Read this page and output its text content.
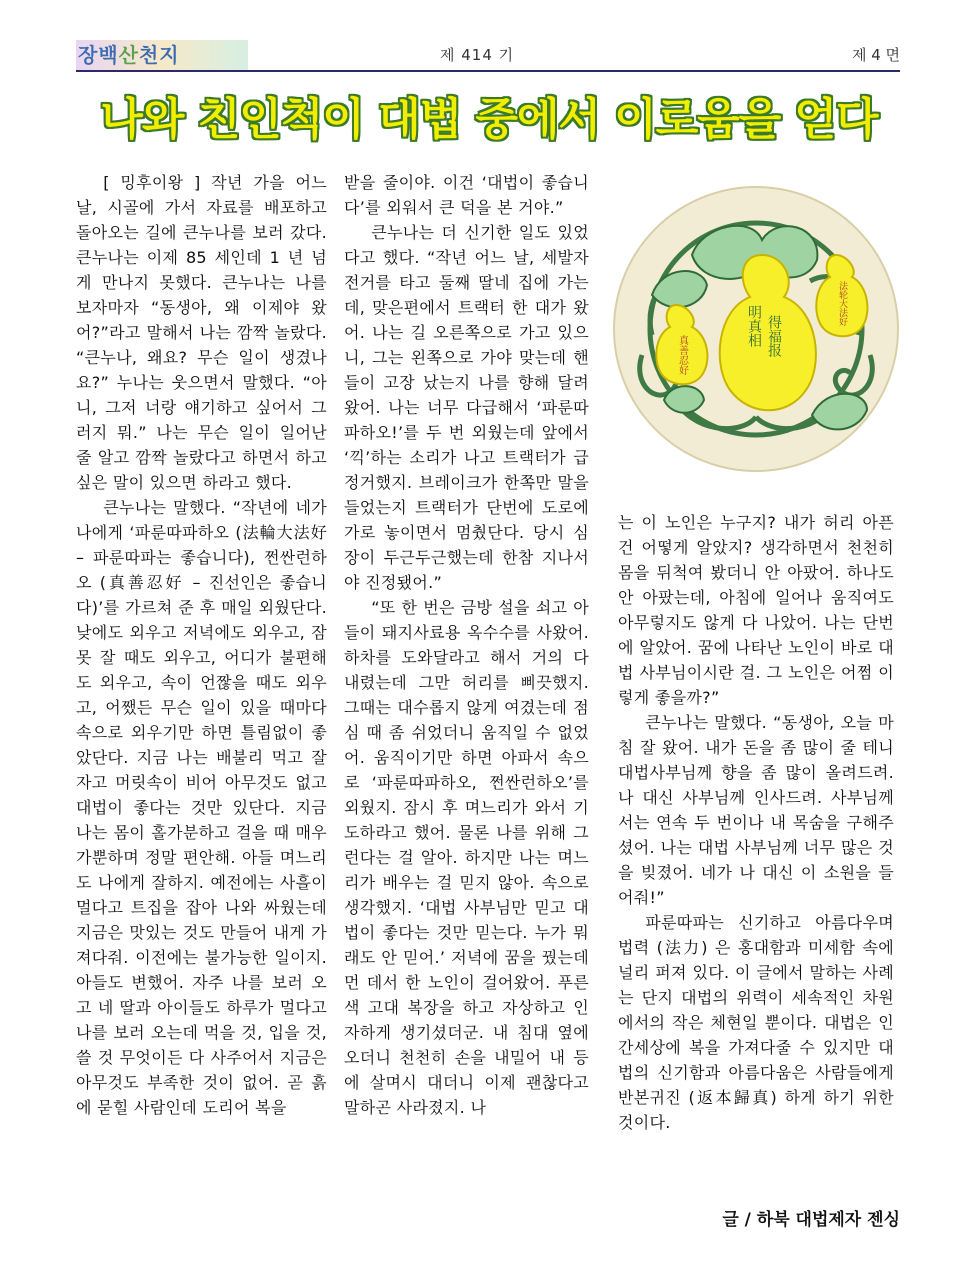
장백산천지	제 414 기	제 4 면
나와 친인척이 대법 중에서 이로움을 얻다

[ 밍후이왕 ] 작년 가을 어느 날, 시골에 가서 자료를 배포하고 돌아오는 길에 큰누나를 보러 갔다. 큰누나는 이제 85 세인데 1 년 넘게 만나지 못했다. 큰누나는 나를 보자마자 “동생아, 왜 이제야 왔어?”라고 말해서 나는 깜짝 놀랐다. “큰누나, 왜요? 무슨 일이 생겼나요?” 누나는 웃으면서 말했다. “아니, 그저 너랑 얘기하고 싶어서 그러지 뭐.” 나는 무슨 일이 일어난 줄 알고 깜짝 놀랐다고 하면서 하고 싶은 말이 있으면 하라고 했다.

큰누나는 말했다. “작년에 네가 나에게 ‘파룬따파하오 (法輪大法好 – 파룬따파는 좋습니다), 쩐싼런하오 (真善忍好 – 진선인은 좋습니다)’를 가르쳐 준 후 매일 외웠단다. 낮에도 외우고 저녁에도 외우고, 잠 못 잘 때도 외우고, 어디가 불편해도 외우고, 속이 언짢을 때도 외우고, 어쨌든 무슨 일이 있을 때마다 속으로 외우기만 하면 틀림없이 좋았단다. 지금 나는 배불리 먹고 잘 자고 머릿속이 비어 아무것도 없고 대법이 좋다는 것만 있단다. 지금 나는 몸이 홀가분하고 걸을 때 매우 가뿐하며 정말 편안해. 아들 며느리도 나에게 잘하지. 예전에는 사흘이 멀다고 트집을 잡아 나와 싸웠는데 지금은 맛있는 것도 만들어 내게 가져다줘. 이전에는 불가능한 일이지. 아들도 변했어. 자주 나를 보러 오고 네 딸과 아이들도 하루가 멀다고 나를 보러 오는데 먹을 것, 입을 것, 쓸 것 무엇이든 다 사주어서 지금은 아무것도 부족한 것이 없어. 곧 흙에 묻힐 사람인데 도리어 복을

받을 줄이야. 이건 ‘대법이 좋습니다’를 외워서 큰 덕을 본 거야.”

큰누나는 더 신기한 일도 있었다고 했다. “작년 어느 날, 세발자전거를 타고 둘째 딸네 집에 가는데, 맞은편에서 트랙터 한 대가 왔어. 나는 길 오른쪽으로 가고 있으니, 그는 왼쪽으로 가야 맞는데 핸들이 고장 났는지 나를 향해 달려왔어. 나는 너무 다급해서 ‘파룬따파하오!’를 두 번 외웠는데 앞에서 ‘끽’하는 소리가 나고 트랙터가 급정거했지. 브레이크가 한쪽만 말을 들었는지 트랙터가 단번에 도로에 가로 놓이면서 멈췄단다. 당시 심장이 두근두근했는데 한참 지나서야 진정됐어.”

“또 한 번은 금방 설을 쇠고 아들이 돼지사료용 옥수수를 사왔어. 하차를 도와달라고 해서 거의 다 내렸는데 그만 허리를 삐끗했지. 그때는 대수롭지 않게 여겼는데 점심 때 좀 쉬었더니 움직일 수 없었어. 움직이기만 하면 아파서 속으로 ‘파룬따파하오, 쩐싼런하오’를 외웠지. 잠시 후 며느리가 와서 기도하라고 했어. 물론 나를 위해 그런다는 걸 알아. 하지만 나는 며느리가 배우는 걸 믿지 않아. 속으로 생각했지. ‘대법 사부님만 믿고 대법이 좋다는 것만 믿는다. 누가 뭐래도 안 믿어.’ 저녁에 꿈을 꿨는데 먼 데서 한 노인이 걸어왔어. 푸른색 고대 복장을 하고 자상하고 인자하게 생기셨더군. 내 침대 옆에 오더니 천천히 손을 내밀어 내 등에 살며시 대더니 이제 괜찮다고 말하곤 사라졌지. 나

明真相 得福报
真善忍好
法轮大法好

는 이 노인은 누구지? 내가 허리 아픈 건 어떻게 알았지? 생각하면서 천천히 몸을 뒤척여 봤더니 안 아팠어. 하나도 안 아팠는데, 아침에 일어나 움직여도 아무렇지도 않게 다 나았어. 나는 단번에 알았어. 꿈에 나타난 노인이 바로 대법 사부님이시란 걸. 그 노인은 어쩜 이렇게 좋을까?”

큰누나는 말했다. “동생아, 오늘 마침 잘 왔어. 내가 돈을 좀 많이 줄 테니 대법사부님께 향을 좀 많이 올려드려. 나 대신 사부님께 인사드려. 사부님께서는 연속 두 번이나 내 목숨을 구해주셨어. 나는 대법 사부님께 너무 많은 것을 빚졌어. 네가 나 대신 이 소원을 들어줘!”

파룬따파는 신기하고 아름다우며 법력 (法力) 은 홍대함과 미세함 속에 널리 퍼져 있다. 이 글에서 말하는 사례는 단지 대법의 위력이 세속적인 차원에서의 작은 체현일 뿐이다. 대법은 인간세상에 복을 가져다줄 수 있지만 대법의 신기함과 아름다움은 사람들에게 반본귀진 (返本歸真) 하게 하기 위한 것이다.

글 / 하북 대법제자 젠싱
